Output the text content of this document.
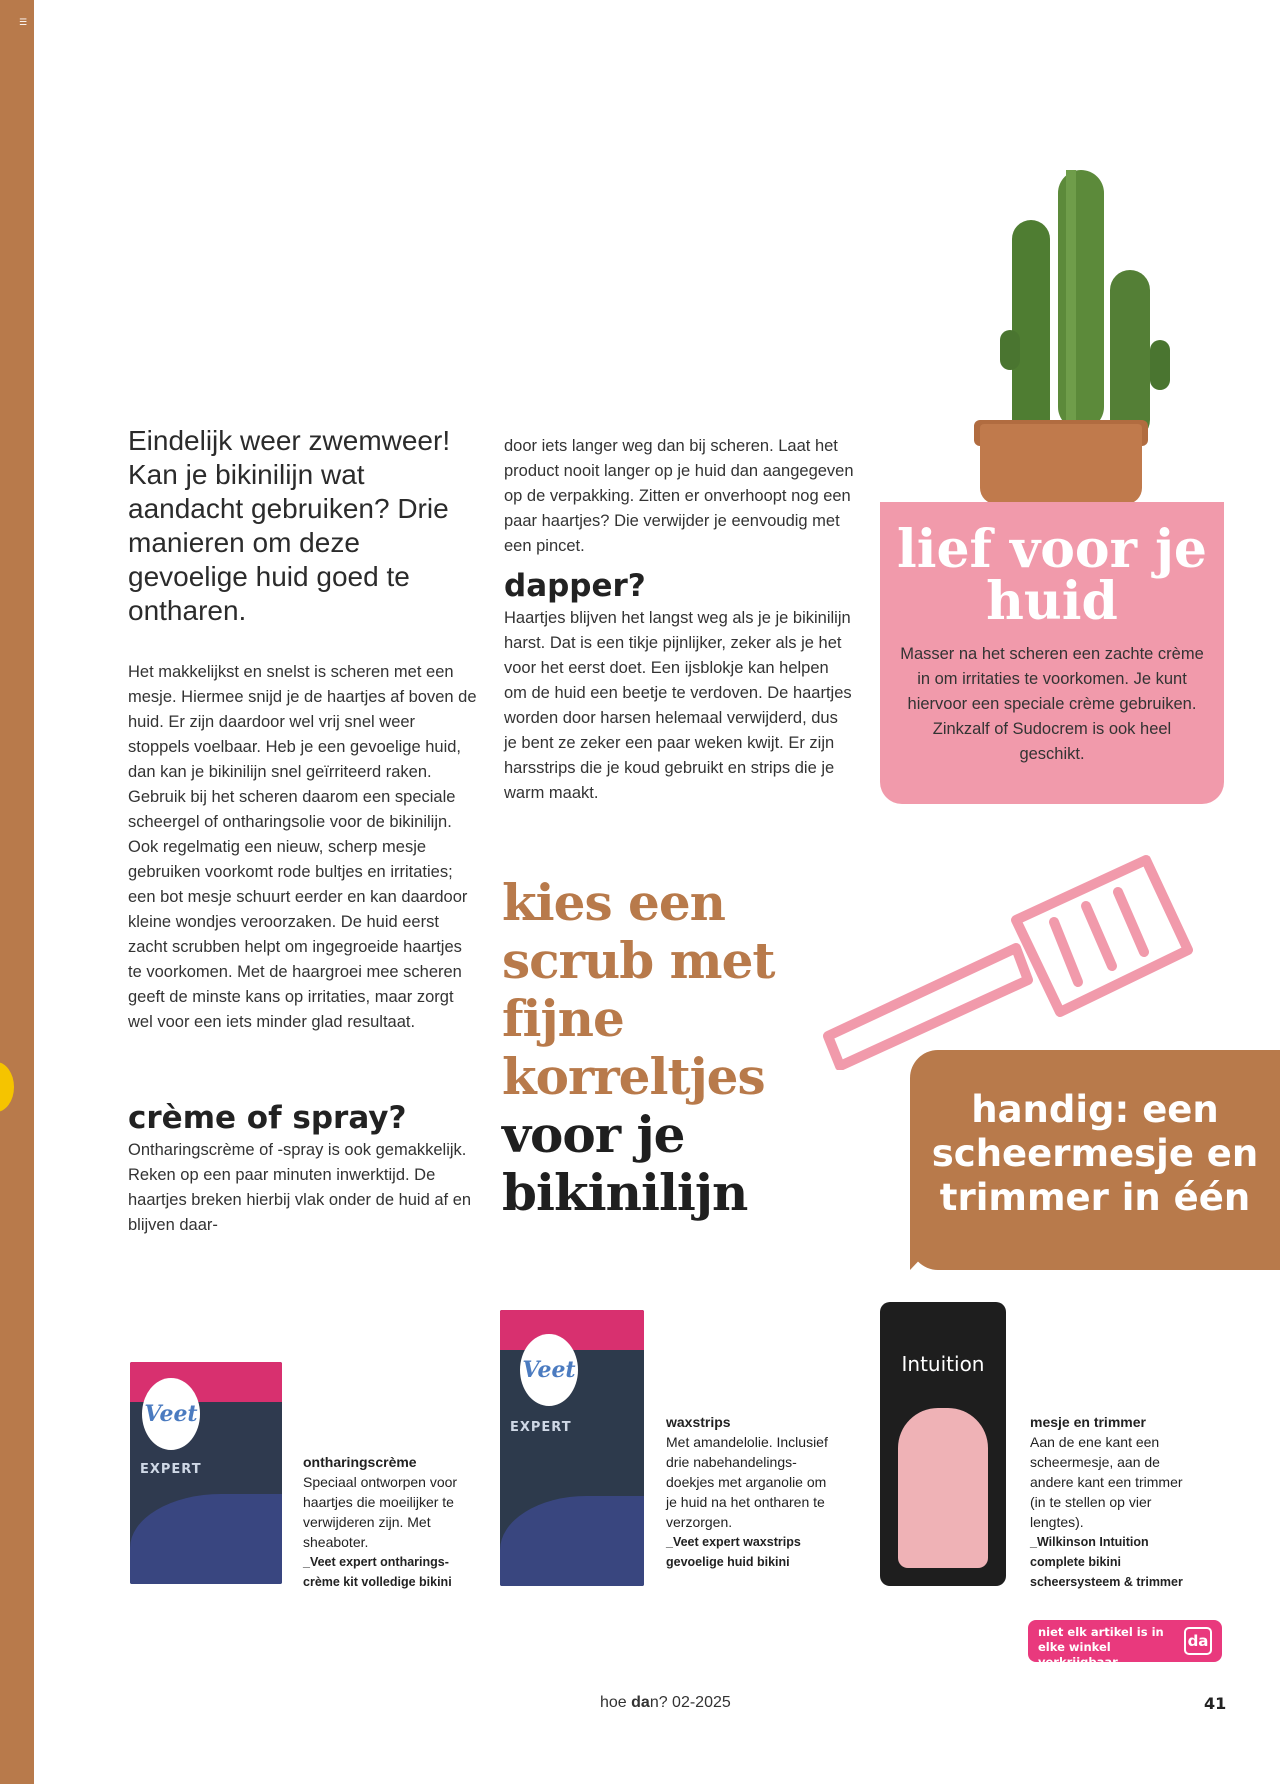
☰
Eindelijk weer zwemweer! Kan je bikinilijn wat aandacht gebruiken? Drie manieren om deze gevoelige huid goed te ontharen.
Het makkelijkst en snelst is scheren met een mesje. Hiermee snijd je de haartjes af boven de huid. Er zijn daardoor wel vrij snel weer stoppels voelbaar. Heb je een gevoelige huid, dan kan je bikinilijn snel geïrriteerd raken. Gebruik bij het scheren daarom een speciale scheergel of ontharingsolie voor de bikinilijn. Ook regelmatig een nieuw, scherp mesje gebruiken voorkomt rode bultjes en irritaties; een bot mesje schuurt eerder en kan daardoor kleine wondjes veroorzaken. De huid eerst zacht scrubben helpt om ingegroeide haartjes te voorkomen. Met de haargroei mee scheren geeft de minste kans op irritaties, maar zorgt wel voor een iets minder glad resultaat.
crème of spray?
Ontharingscrème of -spray is ook gemakkelijk. Reken op een paar minuten inwerktijd. De haartjes breken hierbij vlak onder de huid af en blijven daar-
door iets langer weg dan bij scheren. Laat het product nooit langer op je huid dan aangegeven op de verpakking. Zitten er onverhoopt nog een paar haartjes? Die verwijder je eenvoudig met een pincet.
dapper?
Haartjes blijven het langst weg als je je bikinilijn harst. Dat is een tikje pijnlijker, zeker als je het voor het eerst doet. Een ijsblokje kan helpen om de huid een beetje te verdoven. De haartjes worden door harsen helemaal verwijderd, dus je bent ze zeker een paar weken kwijt. Er zijn harsstrips die je koud gebruikt en strips die je warm maakt.
kies een scrub met fijne korreltjes
voor je bikinilijn
lief voor je huid
Masser na het scheren een zachte crème in om irritaties te voorkomen. Je kunt hiervoor een speciale crème gebruiken. Zinkzalf of Sudocrem is ook heel geschikt.
handig: een scheermesje en trimmer in één
Veet
EXPERT	ontharingscrème
Speciaal ontworpen voor haartjes die moeilijker te verwijderen zijn. Met sheaboter.
_Veet expert ontharingscrème kit volledige bikini
Veet
EXPERT	waxstrips
Met amandelolie. Inclusief drie nabehandelingsdoekjes met arganolie om je huid na het ontharen te verzorgen.
_Veet expert waxstrips gevoelige huid bikini
Intuition
mesje en trimmer
Aan de ene kant een scheermesje, aan de andere kant een trimmer (in te stellen op vier lengtes).
_Wilkinson Intuition complete bikini scheersysteem & trimmer
niet elk artikel is in elke winkel verkrijgbaar
da
hoe dan? 02-2025	41
